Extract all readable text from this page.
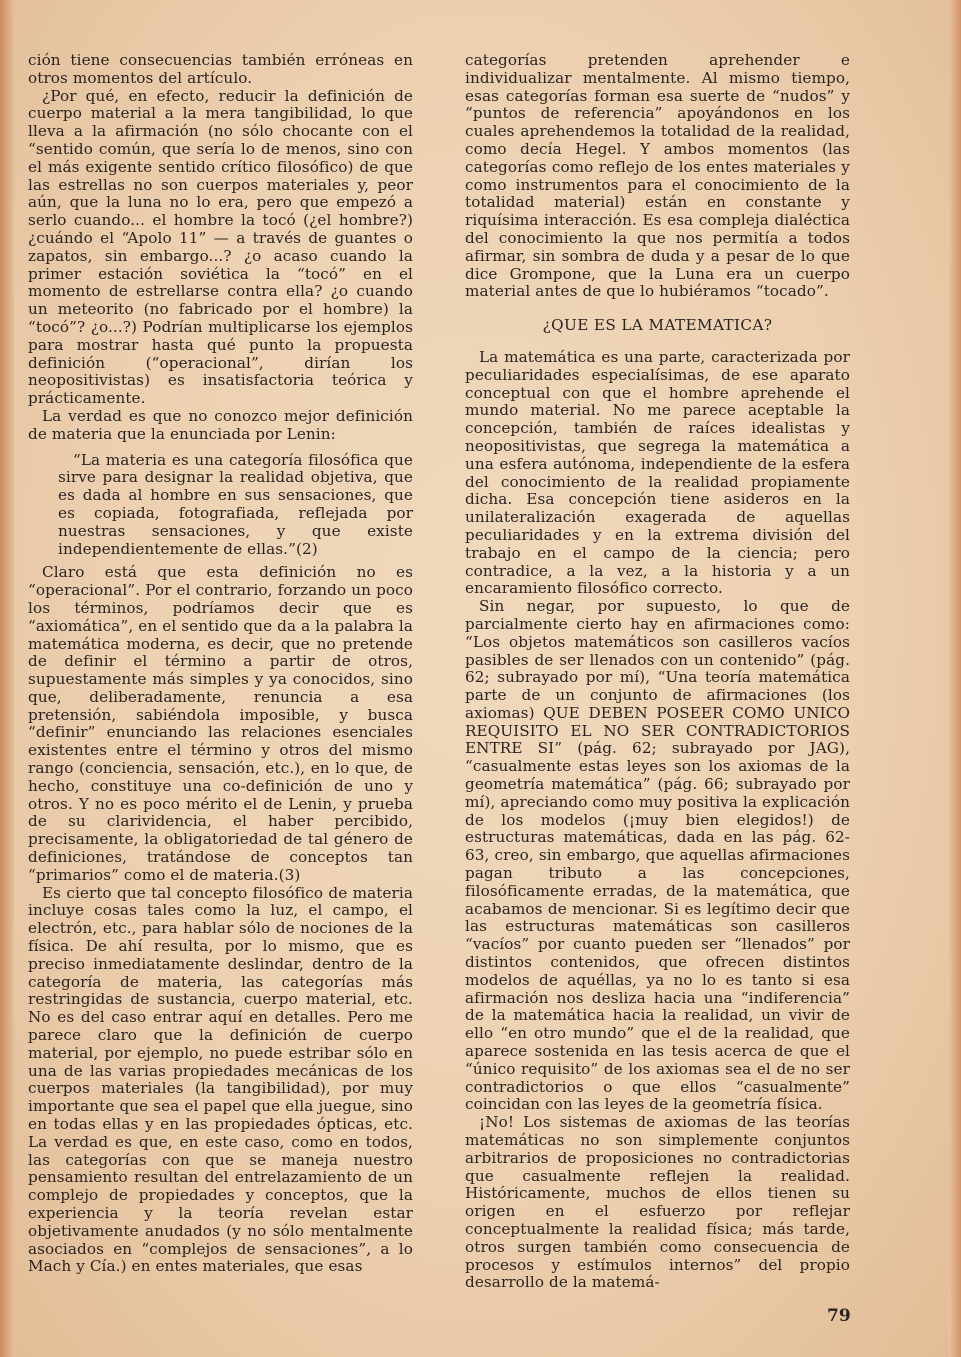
ción tiene consecuencias también erróneas en otros momentos del artículo.

¿Por qué, en efecto, reducir la definición de cuerpo material a la mera tangibilidad, lo que lleva a la afirmación (no sólo chocante con el “sentido común, que sería lo de menos, sino con el más exigente sentido crítico filosófico) de que las estrellas no son cuerpos materiales y, peor aún, que la luna no lo era, pero que empezó a serlo cuando... el hombre la tocó (¿el hombre?) ¿cuándo el “Apolo 11” — a través de guantes o zapatos, sin embargo...? ¿o acaso cuando la primer estación soviética la “tocó” en el momento de estrellarse contra ella? ¿o cuando un meteorito (no fabricado por el hombre) la “tocó”? ¿o...?) Podrían multiplicarse los ejemplos para mostrar hasta qué punto la propuesta definición (“operacional”, dirían los neopositivistas) es insatisfactoria teórica y prácticamente.

La verdad es que no conozco mejor definición de materia que la enunciada por Lenin:

“La materia es una categoría filosófica que sirve para designar la realidad objetiva, que es dada al hombre en sus sensaciones, que es copiada, fotografiada, reflejada por nuestras sensaciones, y que existe independientemente de ellas.”(2)

Claro está que esta definición no es “operacional”. Por el contrario, forzando un poco los términos, podríamos decir que es “axiomática”, en el sentido que da a la palabra la matemática moderna, es decir, que no pretende de definir el término a partir de otros, supuestamente más simples y ya conocidos, sino que, deliberadamente, renuncia a esa pretensión, sabiéndola imposible, y busca “definir” enunciando las relaciones esenciales existentes entre el término y otros del mismo rango (conciencia, sensación, etc.), en lo que, de hecho, constituye una co-definición de uno y otros. Y no es poco mérito el de Lenin, y prueba de su clarividencia, el haber percibido, precisamente, la obligatoriedad de tal género de definiciones, tratándose de conceptos tan “primarios” como el de materia.(3)

Es cierto que tal concepto filosófico de materia incluye cosas tales como la luz, el campo, el electrón, etc., para hablar sólo de nociones de la física. De ahí resulta, por lo mismo, que es preciso inmediatamente deslindar, dentro de la categoría de materia, las categorías más restringidas de sustancia, cuerpo material, etc. No es del caso entrar aquí en detalles. Pero me parece claro que la definición de cuerpo material, por ejemplo, no puede estribar sólo en una de las varias propiedades mecánicas de los cuerpos materiales (la tangibilidad), por muy importante que sea el papel que ella juegue, sino en todas ellas y en las propiedades ópticas, etc. La verdad es que, en este caso, como en todos, las categorías con que se maneja nuestro pensamiento resultan del entrelazamiento de un complejo de propiedades y conceptos, que la experiencia y la teoría revelan estar objetivamente anudados (y no sólo mentalmente asociados en “complejos de sensaciones”, a lo Mach y Cía.) en entes materiales, que esas

categorías pretenden aprehender e individualizar mentalmente. Al mismo tiempo, esas categorías forman esa suerte de “nudos” y “puntos de referencia” apoyándonos en los cuales aprehendemos la totalidad de la realidad, como decía Hegel. Y ambos momentos (las categorías como reflejo de los entes materiales y como instrumentos para el conocimiento de la totalidad material) están en constante y riquísima interacción. Es esa compleja dialéctica del conocimiento la que nos permitía a todos afirmar, sin sombra de duda y a pesar de lo que dice Grompone, que la Luna era un cuerpo material antes de que lo hubiéramos “tocado”.

¿QUE ES LA MATEMATICA?

La matemática es una parte, caracterizada por peculiaridades especialísimas, de ese aparato conceptual con que el hombre aprehende el mundo material. No me parece aceptable la concepción, también de raíces idealistas y neopositivistas, que segrega la matemática a una esfera autónoma, independiente de la esfera del conocimiento de la realidad propiamente dicha. Esa concepción tiene asideros en la unilateralización exagerada de aquellas peculiaridades y en la extrema división del trabajo en el campo de la ciencia; pero contradice, a la vez, a la historia y a un encaramiento filosófico correcto.

Sin negar, por supuesto, lo que de parcialmente cierto hay en afirmaciones como: “Los objetos matemáticos son casilleros vacíos pasibles de ser llenados con un contenido” (pág. 62; subrayado por mí), “Una teoría matemática parte de un conjunto de afirmaciones (los axiomas) QUE DEBEN POSEER COMO UNICO REQUISITO EL NO SER CONTRADICTORIOS ENTRE SI” (pág. 62; subrayado por JAG), “casualmente estas leyes son los axiomas de la geometría matemática” (pág. 66; subrayado por mí), apreciando como muy positiva la explicación de los modelos (¡muy bien elegidos!) de estructuras matemáticas, dada en las pág. 62-63, creo, sin embargo, que aquellas afirmaciones pagan tributo a las concepciones, filosóficamente erradas, de la matemática, que acabamos de mencionar. Si es legítimo decir que las estructuras matemáticas son casilleros “vacíos” por cuanto pueden ser “llenados” por distintos contenidos, que ofrecen distintos modelos de aquéllas, ya no lo es tanto si esa afirmación nos desliza hacia una “indiferencia” de la matemática hacia la realidad, un vivir de ello “en otro mundo” que el de la realidad, que aparece sostenida en las tesis acerca de que el “único requisito” de los axiomas sea el de no ser contradictorios o que ellos “casualmente” coincidan con las leyes de la geometría física.

¡No! Los sistemas de axiomas de las teorías matemáticas no son simplemente conjuntos arbitrarios de proposiciones no contradictorias que casualmente reflejen la realidad. Históricamente, muchos de ellos tienen su origen en el esfuerzo por reflejar conceptualmente la realidad física; más tarde, otros surgen también como consecuencia de procesos y estímulos internos” del propio desarrollo de la matemá-

79
